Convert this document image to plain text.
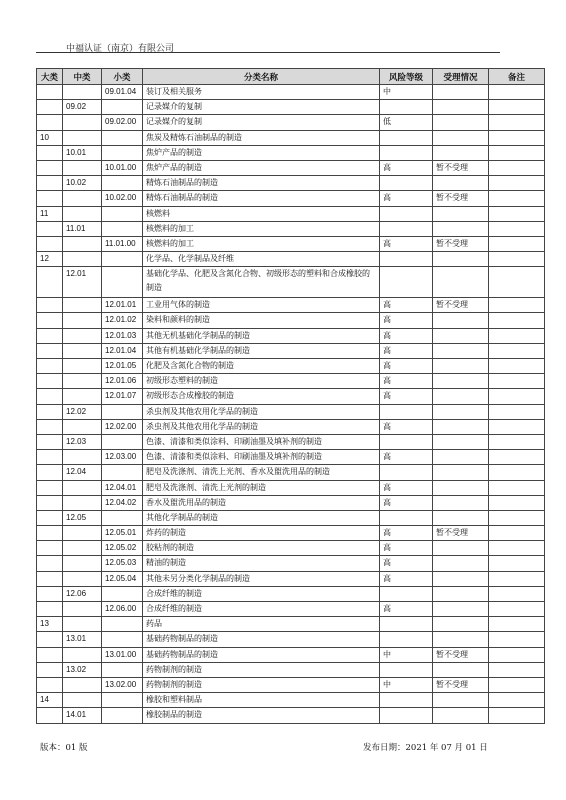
中福认证（南京）有限公司
大类	中类	小类	分类名称	风险等级	受理情况	备注
		09.01.04	装订及相关服务	中		
	09.02		记录媒介的复制			
		09.02.00	记录媒介的复制	低		
10			焦炭及精炼石油制品的制造			
	10.01		焦炉产品的制造			
		10.01.00	焦炉产品的制造	高	暂不受理	
	10.02		精炼石油制品的制造			
		10.02.00	精炼石油制品的制造	高	暂不受理	
11			核燃料			
	11.01		核燃料的加工			
		11.01.00	核燃料的加工	高	暂不受理	
12			化学品、化学制品及纤维			
	12.01		基础化学品、化肥及含氮化合物、初级形态的塑料和合成橡胶的制造			
		12.01.01	工业用气体的制造	高	暂不受理	
		12.01.02	染料和颜料的制造	高		
		12.01.03	其他无机基础化学制品的制造	高		
		12.01.04	其他有机基础化学制品的制造	高		
		12.01.05	化肥及含氮化合物的制造	高		
		12.01.06	初级形态塑料的制造	高		
		12.01.07	初级形态合成橡胶的制造	高		
	12.02		杀虫剂及其他农用化学品的制造			
		12.02.00	杀虫剂及其他农用化学品的制造	高		
	12.03		色漆、清漆和类似涂料、印刷油墨及填补剂的制造			
		12.03.00	色漆、清漆和类似涂料、印刷油墨及填补剂的制造	高		
	12.04		肥皂及洗涤剂、清洗上光剂、香水及盥洗用品的制造			
		12.04.01	肥皂及洗涤剂、清洗上光剂的制造	高		
		12.04.02	香水及盥洗用品的制造	高		
	12.05		其他化学制品的制造			
		12.05.01	炸药的制造	高	暂不受理	
		12.05.02	胶粘剂的制造	高		
		12.05.03	精油的制造	高		
		12.05.04	其他未另分类化学制品的制造	高		
	12.06		合成纤维的制造			
		12.06.00	合成纤维的制造	高		
13			药品			
	13.01		基础药物制品的制造			
		13.01.00	基础药物制品的制造	中	暂不受理	
	13.02		药物制剂的制造			
		13.02.00	药物制剂的制造	中	暂不受理	
14			橡胶和塑料制品			
	14.01		橡胶制品的制造			
版本：01 版	发布日期：2021 年 07 月 01 日
